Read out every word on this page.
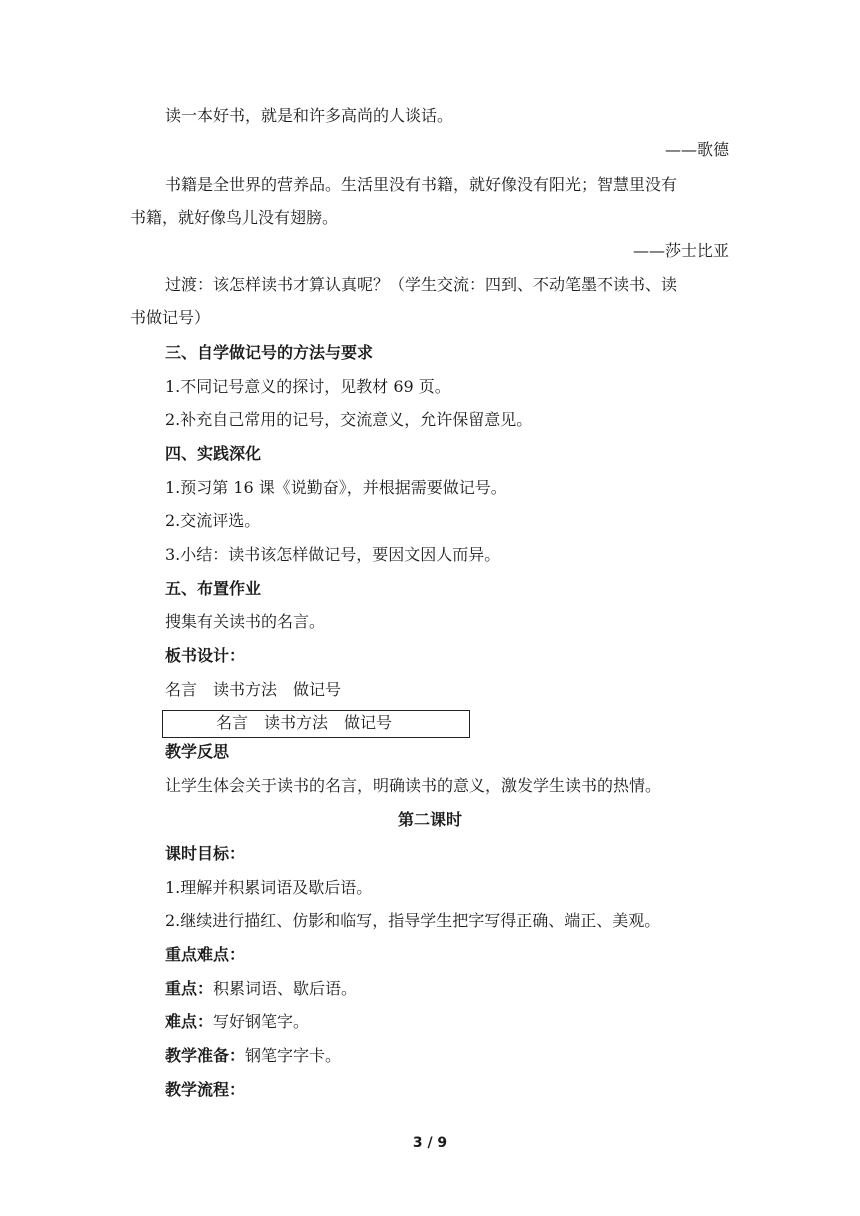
读一本好书，就是和许多高尚的人谈话。
——歌德
书籍是全世界的营养品。生活里没有书籍，就好像没有阳光；智慧里没有
书籍，就好像鸟儿没有翅膀。
——莎士比亚
过渡：该怎样读书才算认真呢？（学生交流：四到、不动笔墨不读书、读
书做记号）
三、自学做记号的方法与要求
1.不同记号意义的探讨，见教材 69 页。
2.补充自己常用的记号，交流意义，允许保留意见。
四、实践深化
1.预习第 16 课《说勤奋》，并根据需要做记号。
2.交流评选。
3.小结：读书该怎样做记号，要因文因人而异。
五、布置作业
搜集有关读书的名言。
板书设计：
名言　读书方法　做记号
名言　读书方法　做记号
教学反思
让学生体会关于读书的名言，明确读书的意义，激发学生读书的热情。
第二课时
课时目标：
1.理解并积累词语及歇后语。
2.继续进行描红、仿影和临写，指导学生把字写得正确、端正、美观。
重点难点：
重点：积累词语、歇后语。
难点：写好钢笔字。
教学准备：钢笔字字卡。
教学流程：
3 / 9
